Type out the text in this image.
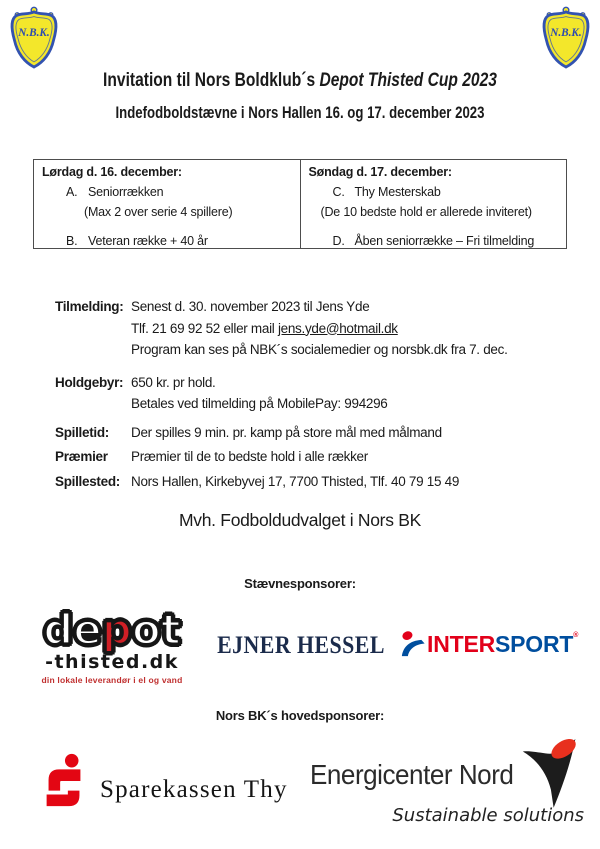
N.B.K.	N.B.K.
Invitation til Nors Boldklub´s Depot Thisted Cup 2023
Indefodboldstævne i Nors Hallen 16. og 17. december 2023
Lørdag d. 16. december:
A. Seniorrækken
(Max 2 over serie 4 spillere)
B. Veteran række + 40 år
Søndag d. 17. december:
C. Thy Mesterskab
(De 10 bedste hold er allerede inviteret)
D. Åben seniorrække – Fri tilmelding
Tilmelding: Senest d. 30. november 2023 til Jens Yde
Tlf. 21 69 92 52 eller mail jens.yde@hotmail.dk
Program kan ses på NBK´s socialemedier og norsbk.dk fra 7. dec.
Holdgebyr: 650 kr. pr hold.
Betales ved tilmelding på MobilePay: 994296
Spilletid:	Der spilles 9 min. pr. kamp på store mål med målmand
Præmier	Præmier til de to bedste hold i alle rækker
Spillested: Nors Hallen, Kirkebyvej 17, 7700 Thisted, Tlf. 40 79 15 49
Mvh. Fodboldudvalget i Nors BK
Stævnesponsorer:
depot
-thisted.dk
din lokale leverandør i el og vand
EJNER HESSEL INTERSPORT®
Nors BK´s hovedsponsorer:
Sparekassen Thy Energicenter Nord
Sustainable solutions
